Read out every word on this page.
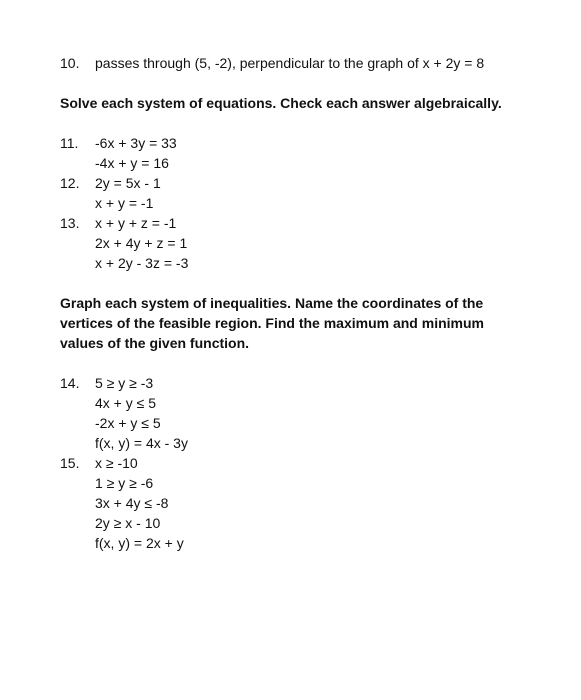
10. passes through (5, -2), perpendicular to the graph of x + 2y = 8
Solve each system of equations. Check each answer algebraically.
11. -6x + 3y = 33
-4x + y = 16
12. 2y = 5x - 1
x + y = -1
13. x + y + z = -1
2x + 4y + z = 1
x + 2y - 3z = -3
Graph each system of inequalities. Name the coordinates of the vertices of the feasible region. Find the maximum and minimum values of the given function.
14. 5 ≥ y ≥ -3
4x + y ≤ 5
-2x + y ≤ 5
f(x, y) = 4x - 3y
15. x ≥ -10
1 ≥ y ≥ -6
3x + 4y ≤ -8
2y ≥ x - 10
f(x, y) = 2x + y
